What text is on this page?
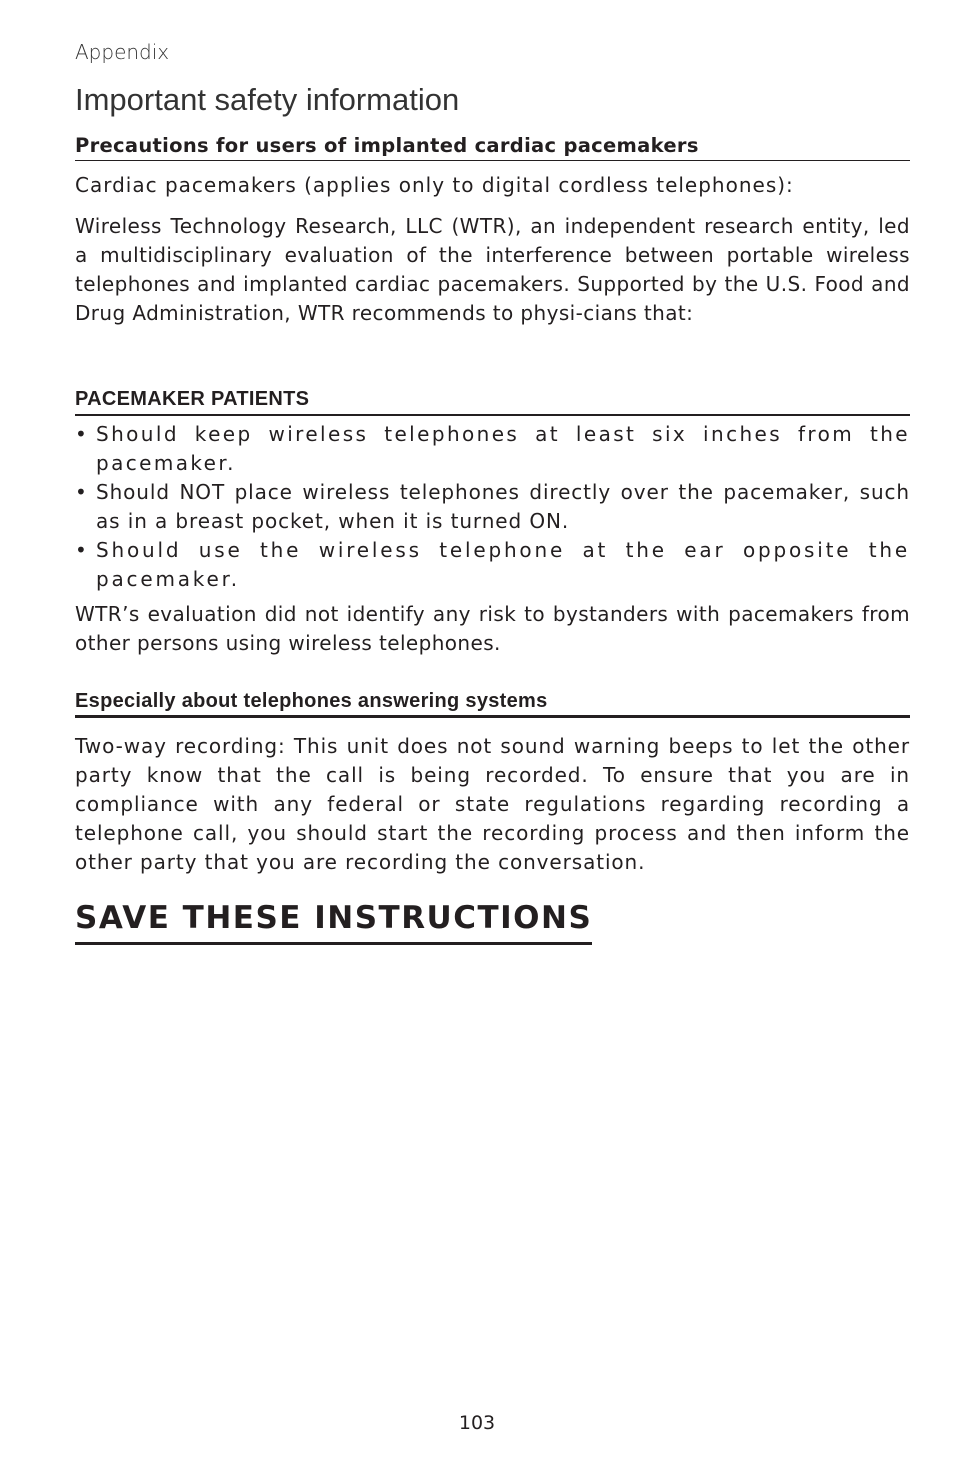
Appendix
Important safety information
Precautions for users of implanted cardiac pacemakers

Cardiac pacemakers (applies only to digital cordless telephones):

Wireless Technology Research, LLC (WTR), an independent research entity, led a multidisciplinary evaluation of the interference between portable wireless telephones and implanted cardiac pacemakers. Supported by the U.S. Food and Drug Administration, WTR recommends to physi-cians that:

PACEMAKER PATIENTS
• Should keep wireless telephones at least six inches from the pacemaker.
• Should NOT place wireless telephones directly over the pacemaker, such as in a breast pocket, when it is turned ON.
• Should use the wireless telephone at the ear opposite the pacemaker.

WTR’s evaluation did not identify any risk to bystanders with pacemakers from other persons using wireless telephones.

Especially about telephones answering systems

Two-way recording: This unit does not sound warning beeps to let the other party know that the call is being recorded. To ensure that you are in compliance with any federal or state regulations regarding recording a telephone call, you should start the recording process and then inform the other party that you are recording the conversation.

SAVE THESE INSTRUCTIONS
103
